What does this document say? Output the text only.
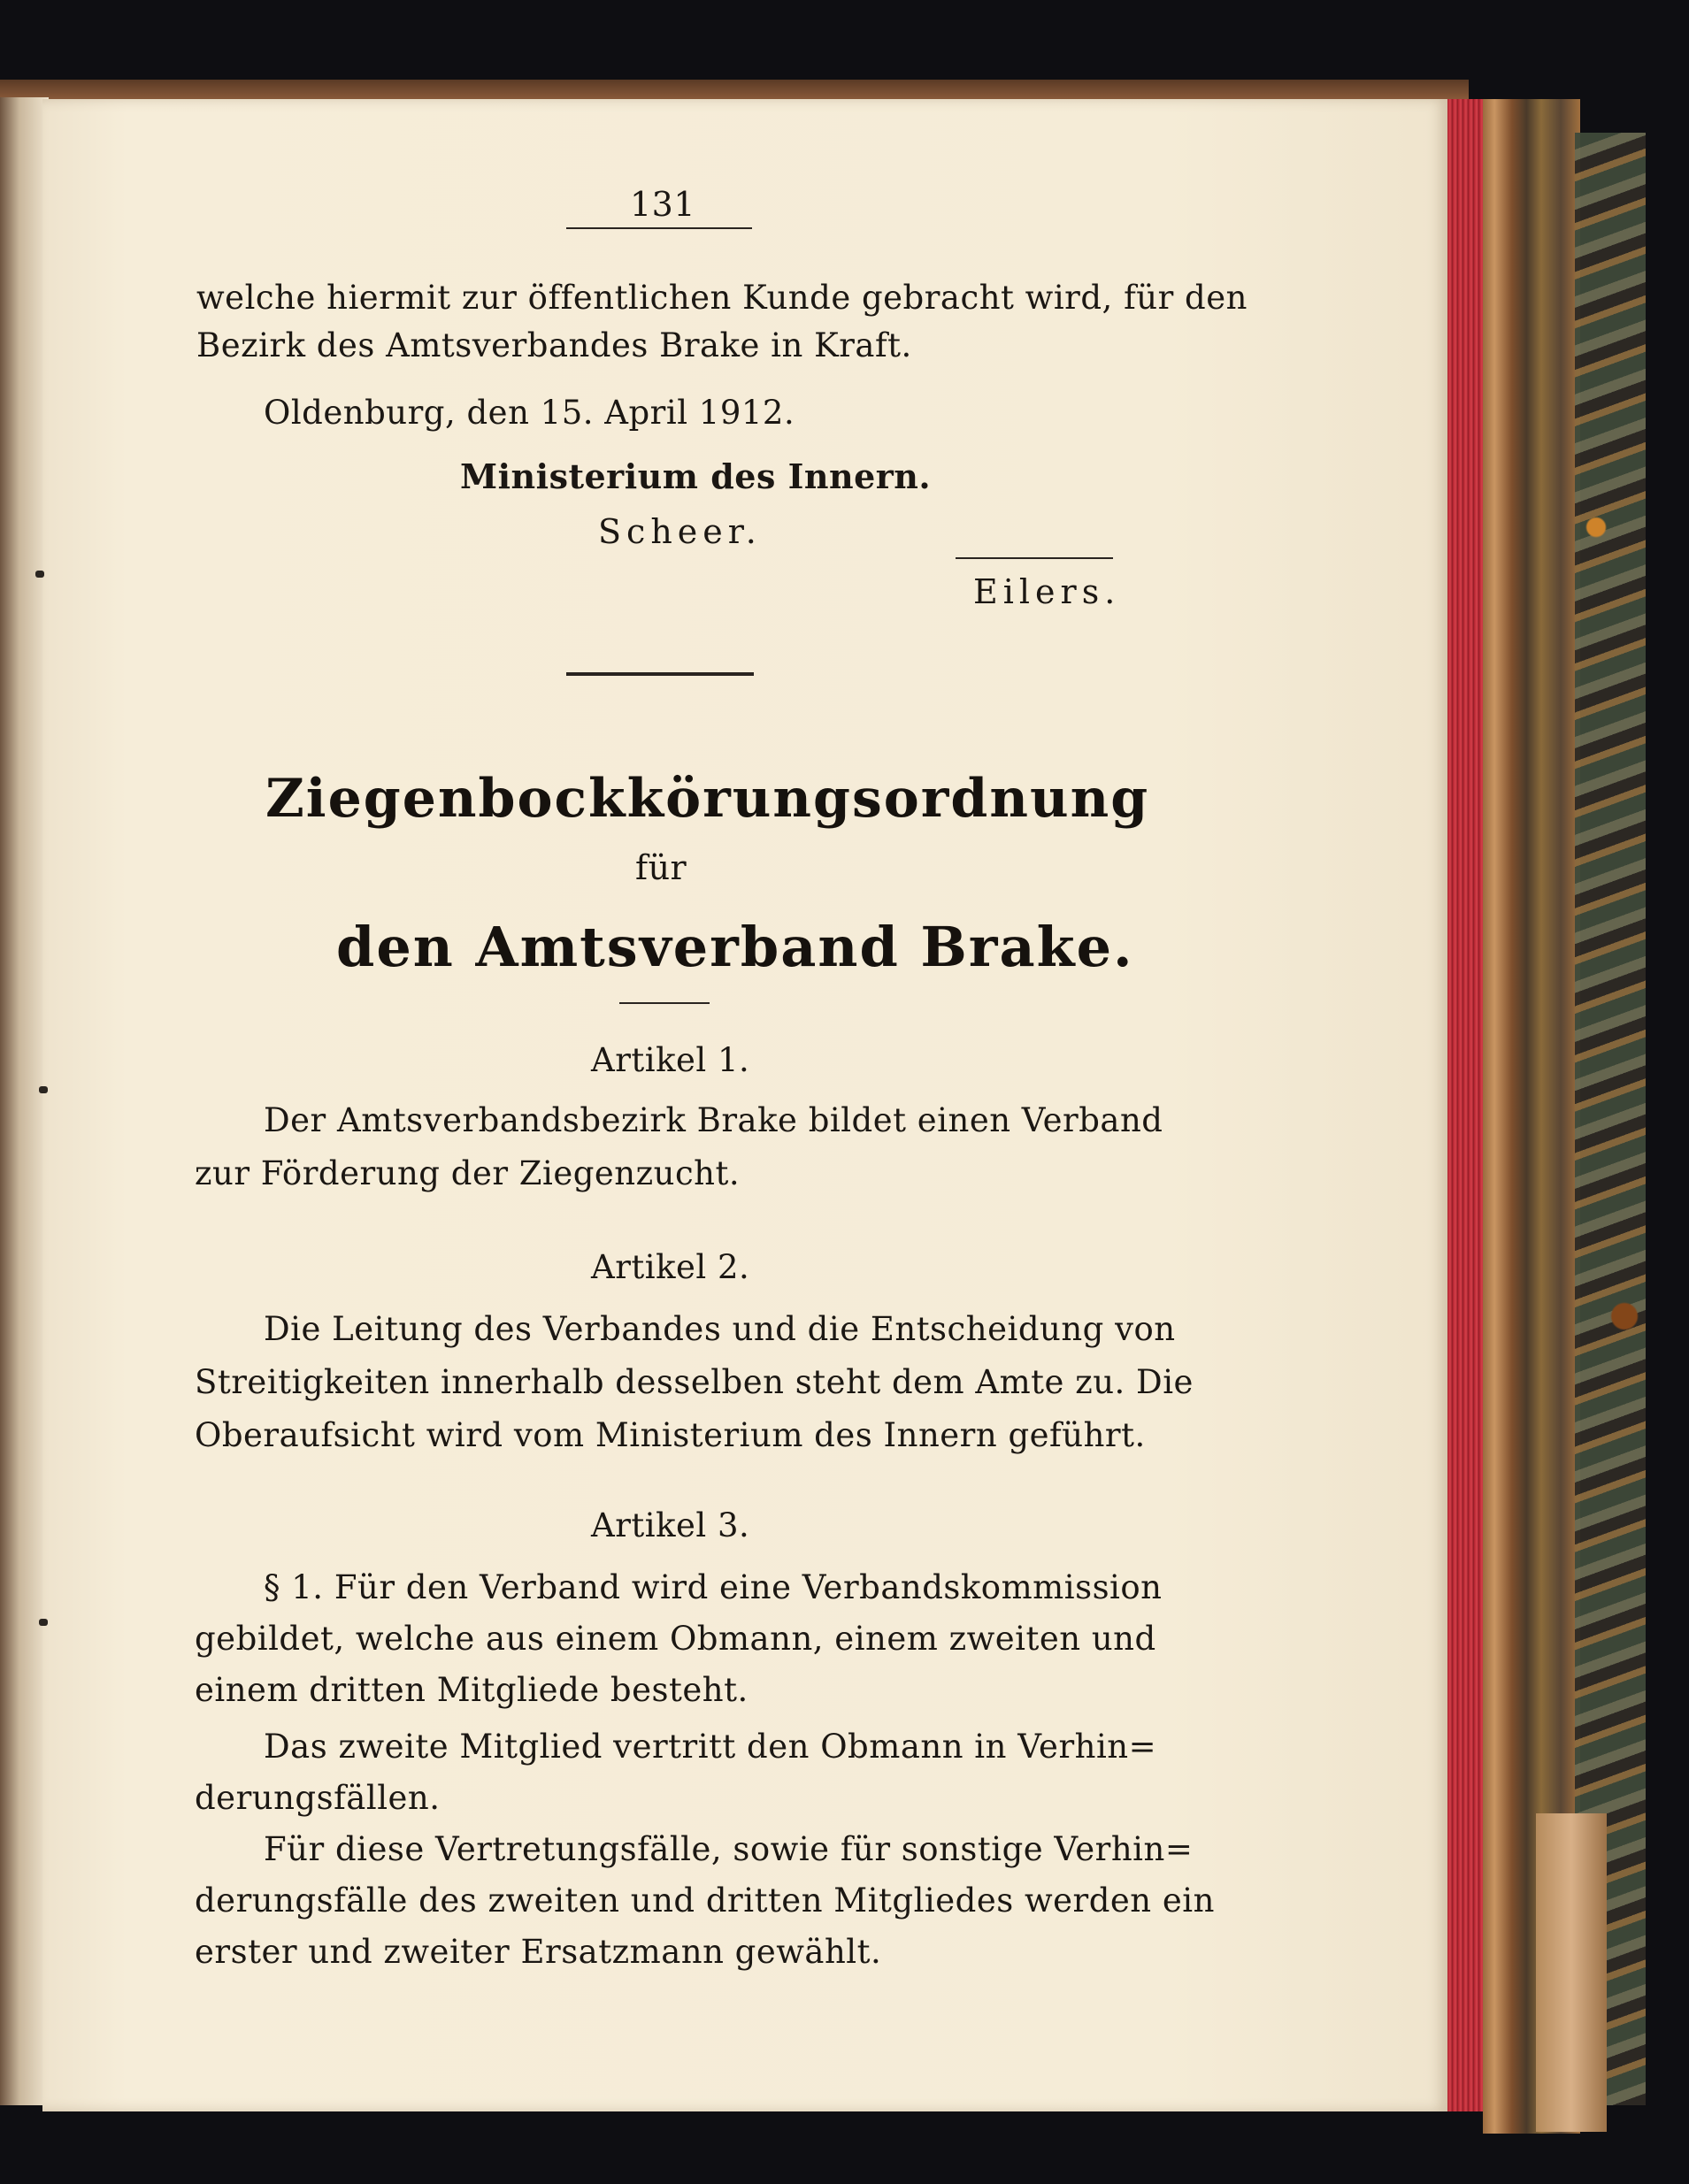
131
welche hiermit zur öffentlichen Kunde gebracht wird, für den
Bezirk des Amtsverbandes Brake in Kraft.
Oldenburg, den 15. April 1912.
Ministerium des Innern.
Scheer.
Eilers.
Ziegenbockkörungsordnung
für
den Amtsverband Brake.
Artikel 1.
Der Amtsverbandsbezirk Brake bildet einen Verband
zur Förderung der Ziegenzucht.
Artikel 2.
Die Leitung des Verbandes und die Entscheidung von
Streitigkeiten innerhalb desselben steht dem Amte zu. Die
Oberaufsicht wird vom Ministerium des Innern geführt.
Artikel 3.
§ 1. Für den Verband wird eine Verbandskommission
gebildet, welche aus einem Obmann, einem zweiten und
einem dritten Mitgliede besteht.
Das zweite Mitglied vertritt den Obmann in Verhin=
derungsfällen.
Für diese Vertretungsfälle, sowie für sonstige Verhin=
derungsfälle des zweiten und dritten Mitgliedes werden ein
erster und zweiter Ersatzmann gewählt.
